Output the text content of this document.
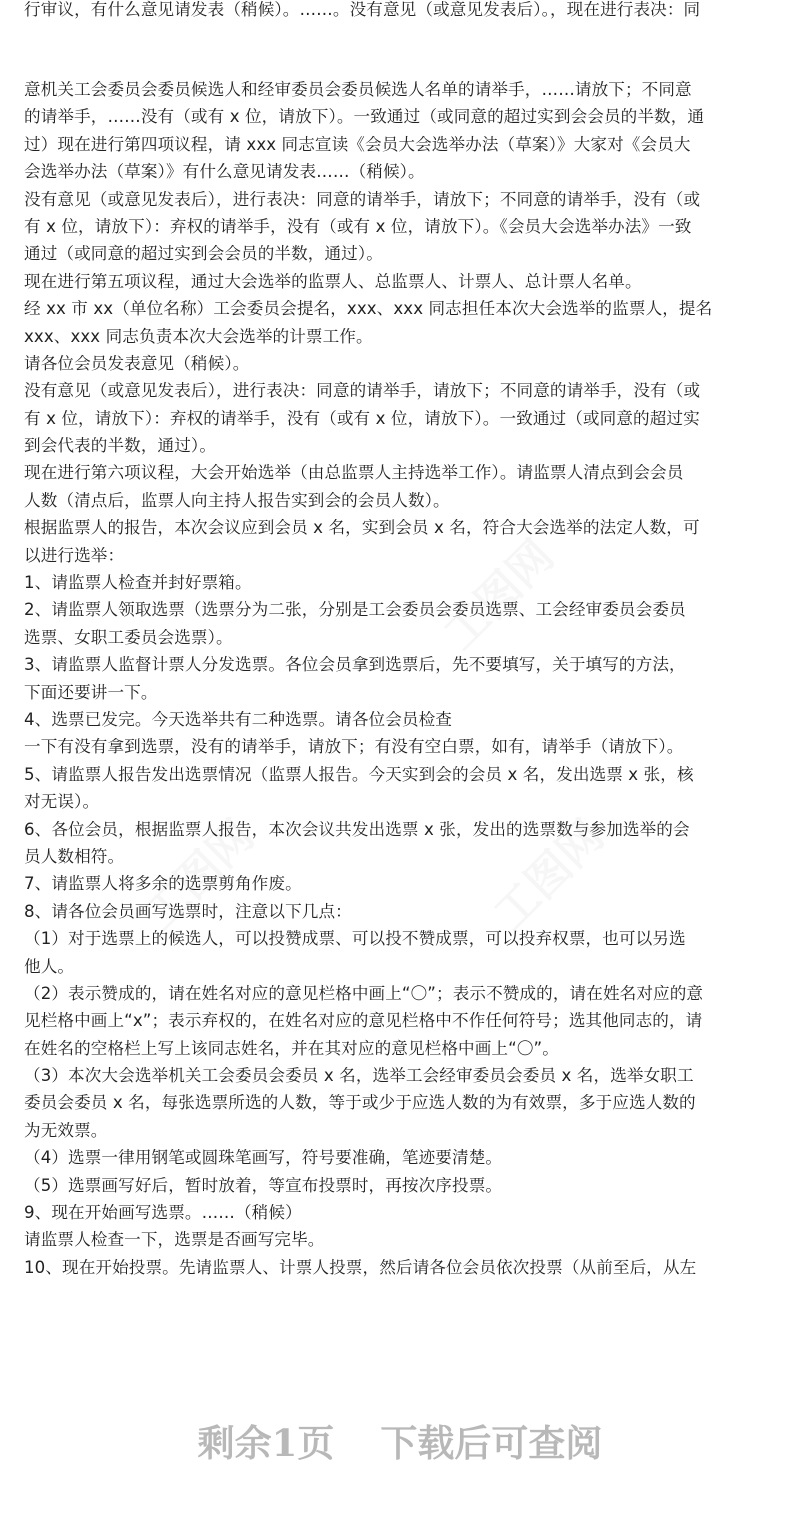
行审议，有什么意见请发表（稍候）。……。没有意见（或意见发表后）。，现在进行表决：同
意机关工会委员会委员候选人和经审委员会委员候选人名单的请举手，……请放下；不同意
的请举手，……没有（或有 x 位，请放下）。一致通过（或同意的超过实到会会员的半数，通
过）现在进行第四项议程，请 xxx 同志宣读《会员大会选举办法（草案）》大家对《会员大
会选举办法（草案）》有什么意见请发表……（稍候）。
没有意见（或意见发表后），进行表决：同意的请举手，请放下；不同意的请举手，没有（或
有 x 位，请放下）：弃权的请举手，没有（或有 x 位，请放下）。《会员大会选举办法》一致
通过（或同意的超过实到会会员的半数，通过）。
现在进行第五项议程，通过大会选举的监票人、总监票人、计票人、总计票人名单。
经 xx 市 xx（单位名称）工会委员会提名，xxx、xxx 同志担任本次大会选举的监票人，提名
xxx、xxx 同志负责本次大会选举的计票工作。
请各位会员发表意见（稍候）。
没有意见（或意见发表后），进行表决：同意的请举手，请放下；不同意的请举手，没有（或
有 x 位，请放下）：弃权的请举手，没有（或有 x 位，请放下）。一致通过（或同意的超过实
到会代表的半数，通过）。
现在进行第六项议程，大会开始选举（由总监票人主持选举工作）。请监票人清点到会会员
人数（清点后，监票人向主持人报告实到会的会员人数）。
根据监票人的报告，本次会议应到会员 x 名，实到会员 x 名，符合大会选举的法定人数，可
以进行选举：
1、请监票人检查并封好票箱。
2、请监票人领取选票（选票分为二张，分别是工会委员会委员选票、工会经审委员会委员
选票、女职工委员会选票）。
3、请监票人监督计票人分发选票。各位会员拿到选票后，先不要填写，关于填写的方法，
下面还要讲一下。
4、选票已发完。今天选举共有二种选票。请各位会员检查
一下有没有拿到选票，没有的请举手，请放下；有没有空白票，如有，请举手（请放下）。
5、请监票人报告发出选票情况（监票人报告。今天实到会的会员 x 名，发出选票 x 张，核
对无误）。
6、各位会员，根据监票人报告，本次会议共发出选票 x 张，发出的选票数与参加选举的会
员人数相符。
7、请监票人将多余的选票剪角作废。
8、请各位会员画写选票时，注意以下几点：
（1）对于选票上的候选人，可以投赞成票、可以投不赞成票，可以投弃权票，也可以另选
他人。
（2）表示赞成的，请在姓名对应的意见栏格中画上“〇”；表示不赞成的，请在姓名对应的意
见栏格中画上“x”；表示弃权的，在姓名对应的意见栏格中不作任何符号；选其他同志的，请
在姓名的空格栏上写上该同志姓名，并在其对应的意见栏格中画上“〇”。
（3）本次大会选举机关工会委员会委员 x 名，选举工会经审委员会委员 x 名，选举女职工
委员会委员 x 名，每张选票所选的人数，等于或少于应选人数的为有效票，多于应选人数的
为无效票。
（4）选票一律用钢笔或圆珠笔画写，符号要准确，笔迹要清楚。
（5）选票画写好后，暂时放着，等宣布投票时，再按次序投票。
9、现在开始画写选票。……（稍候）
请监票人检查一下，选票是否画写完毕。
10、现在开始投票。先请监票人、计票人投票，然后请各位会员依次投票（从前至后，从左
剩余1页 下载后可查阅
